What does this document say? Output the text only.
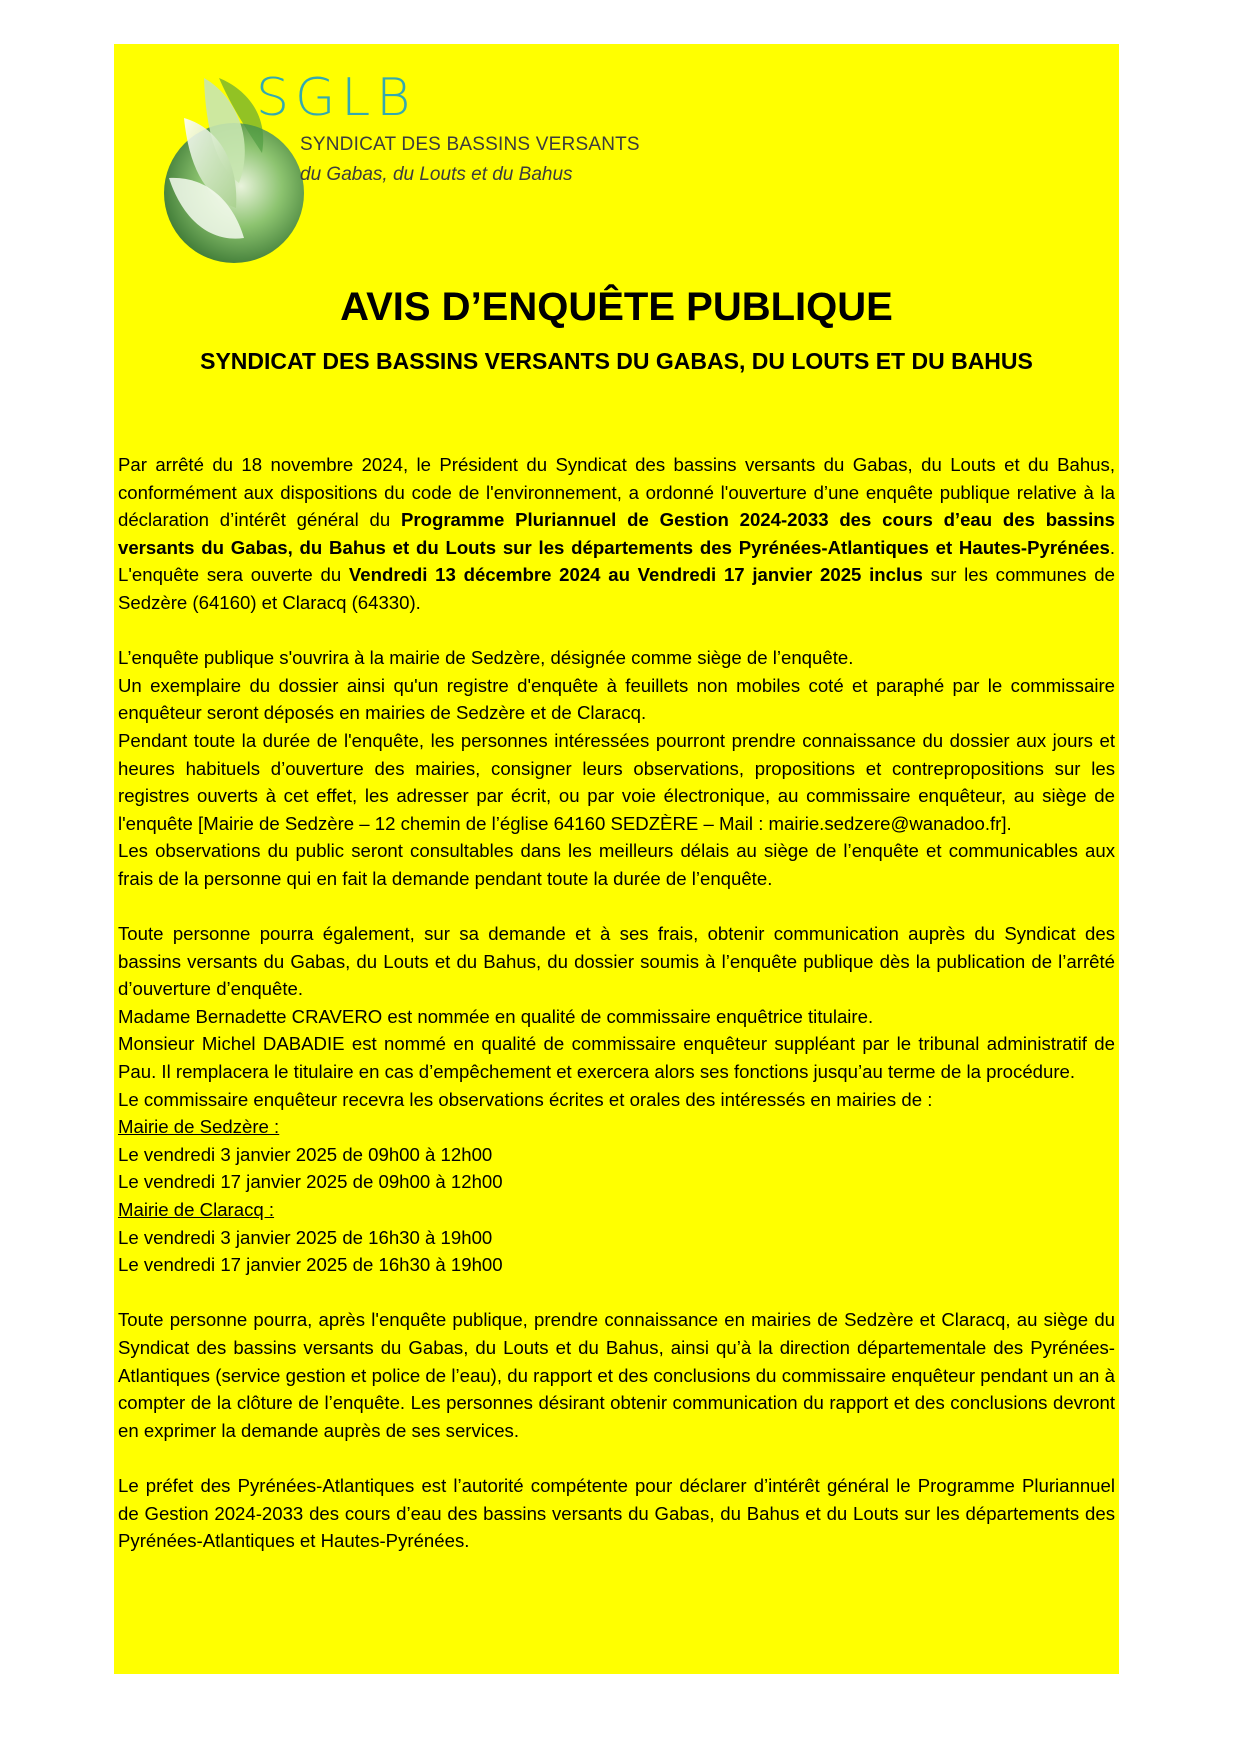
SGLB
SYNDICAT DES BASSINS VERSANTS
du Gabas, du Louts et du Bahus
AVIS D’ENQUÊTE PUBLIQUE
SYNDICAT DES BASSINS VERSANTS DU GABAS, DU LOUTS ET DU BAHUS

Par arrêté du 18 novembre 2024, le Président du Syndicat des bassins versants du Gabas, du Louts et du Bahus, conformément aux dispositions du code de l'environnement, a ordonné l'ouverture d’une enquête publique relative à la déclaration d’intérêt général du Programme Pluriannuel de Gestion 2024-2033 des cours d’eau des bassins versants du Gabas, du Bahus et du Louts sur les départements des Pyrénées-Atlantiques et Hautes-Pyrénées. L'enquête sera ouverte du Vendredi 13 décembre 2024 au Vendredi 17 janvier 2025 inclus sur les communes de Sedzère (64160) et Claracq (64330).

L’enquête publique s'ouvrira à la mairie de Sedzère, désignée comme siège de l’enquête.

Un exemplaire du dossier ainsi qu'un registre d'enquête à feuillets non mobiles coté et paraphé par le commissaire enquêteur seront déposés en mairies de Sedzère et de Claracq.

Pendant toute la durée de l'enquête, les personnes intéressées pourront prendre connaissance du dossier aux jours et heures habituels d’ouverture des mairies, consigner leurs observations, propositions et contrepropositions sur les registres ouverts à cet effet, les adresser par écrit, ou par voie électronique, au commissaire enquêteur, au siège de l'enquête [Mairie de Sedzère – 12 chemin de l’église 64160 SEDZÈRE – Mail : mairie.sedzere@wanadoo.fr].

Les observations du public seront consultables dans les meilleurs délais au siège de l’enquête et communicables aux frais de la personne qui en fait la demande pendant toute la durée de l’enquête.

Toute personne pourra également, sur sa demande et à ses frais, obtenir communication auprès du Syndicat des bassins versants du Gabas, du Louts et du Bahus, du dossier soumis à l’enquête publique dès la publication de l’arrêté d’ouverture d’enquête.

Madame Bernadette CRAVERO est nommée en qualité de commissaire enquêtrice titulaire.

Monsieur Michel DABADIE est nommé en qualité de commissaire enquêteur suppléant par le tribunal administratif de Pau. Il remplacera le titulaire en cas d’empêchement et exercera alors ses fonctions jusqu’au terme de la procédure.

Le commissaire enquêteur recevra les observations écrites et orales des intéressés en mairies de :

Mairie de Sedzère :

Le vendredi 3 janvier 2025 de 09h00 à 12h00

Le vendredi 17 janvier 2025 de 09h00 à 12h00

Mairie de Claracq :

Le vendredi 3 janvier 2025 de 16h30 à 19h00

Le vendredi 17 janvier 2025 de 16h30 à 19h00

Toute personne pourra, après l'enquête publique, prendre connaissance en mairies de Sedzère et Claracq, au siège du Syndicat des bassins versants du Gabas, du Louts et du Bahus, ainsi qu’à la direction départementale des Pyrénées-Atlantiques (service gestion et police de l’eau), du rapport et des conclusions du commissaire enquêteur pendant un an à compter de la clôture de l’enquête. Les personnes désirant obtenir communication du rapport et des conclusions devront en exprimer la demande auprès de ses services.

Le préfet des Pyrénées-Atlantiques est l’autorité compétente pour déclarer d’intérêt général le Programme Pluriannuel de Gestion 2024-2033 des cours d’eau des bassins versants du Gabas, du Bahus et du Louts sur les départements des Pyrénées-Atlantiques et Hautes-Pyrénées.
